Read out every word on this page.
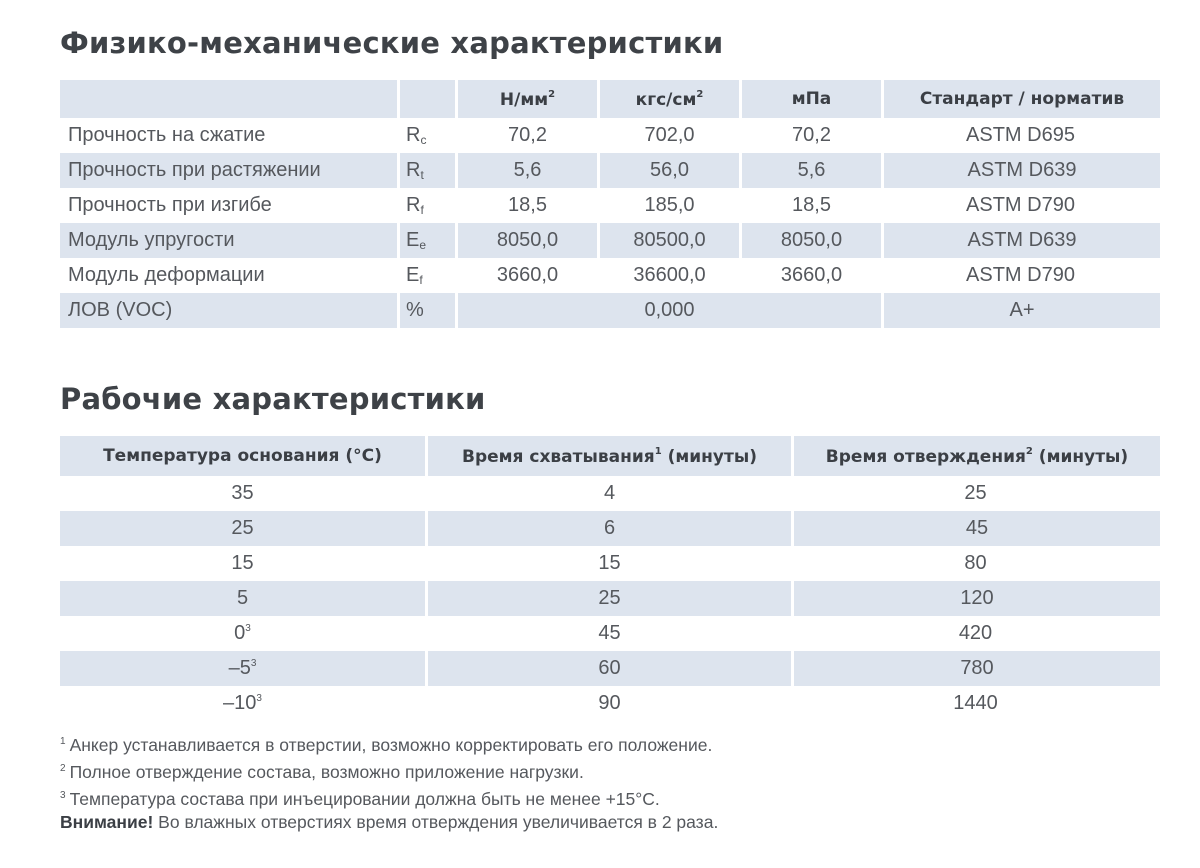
Физико-механические характеристики
		$Н/мм^2$	кгс/$см^2$	мПа	Стандарт / норматив
Прочность на сжатие	$R_c$	70,2	702,0	70,2	ASTM D695
Прочность при растяжении	$R_t$	5,6	56,0	5,6	ASTM D639
Прочность при изгибе	$R_f$	18,5	185,0	18,5	ASTM D790
Модуль упругости	$E_e$	8050,0	80500,0	8050,0	ASTM D639
Модуль деформации	$E_f$	3660,0	36600,0	3660,0	ASTM D790
ЛОВ (VOC)	%	0,000			A+
Рабочие характеристики
Температура основания (°C)	Время схватывания$^1$ (минуты)	Время отверждения$^2$ (минуты)
35	4	25
25	6	45
15	15	80
5	25	120
$0^3$	45	420
$-5^3$	60	780
$-10^3$	90	1440
$^1$ Анкер устанавливается в отверстии, возможно корректировать его положение.
$^2$ Полное отверждение состава, возможно приложение нагрузки.
$^3$ Температура состава при инъецировании должна быть не менее +15°C.
Внимание! Во влажных отверстиях время отверждения увеличивается в 2 раза.
